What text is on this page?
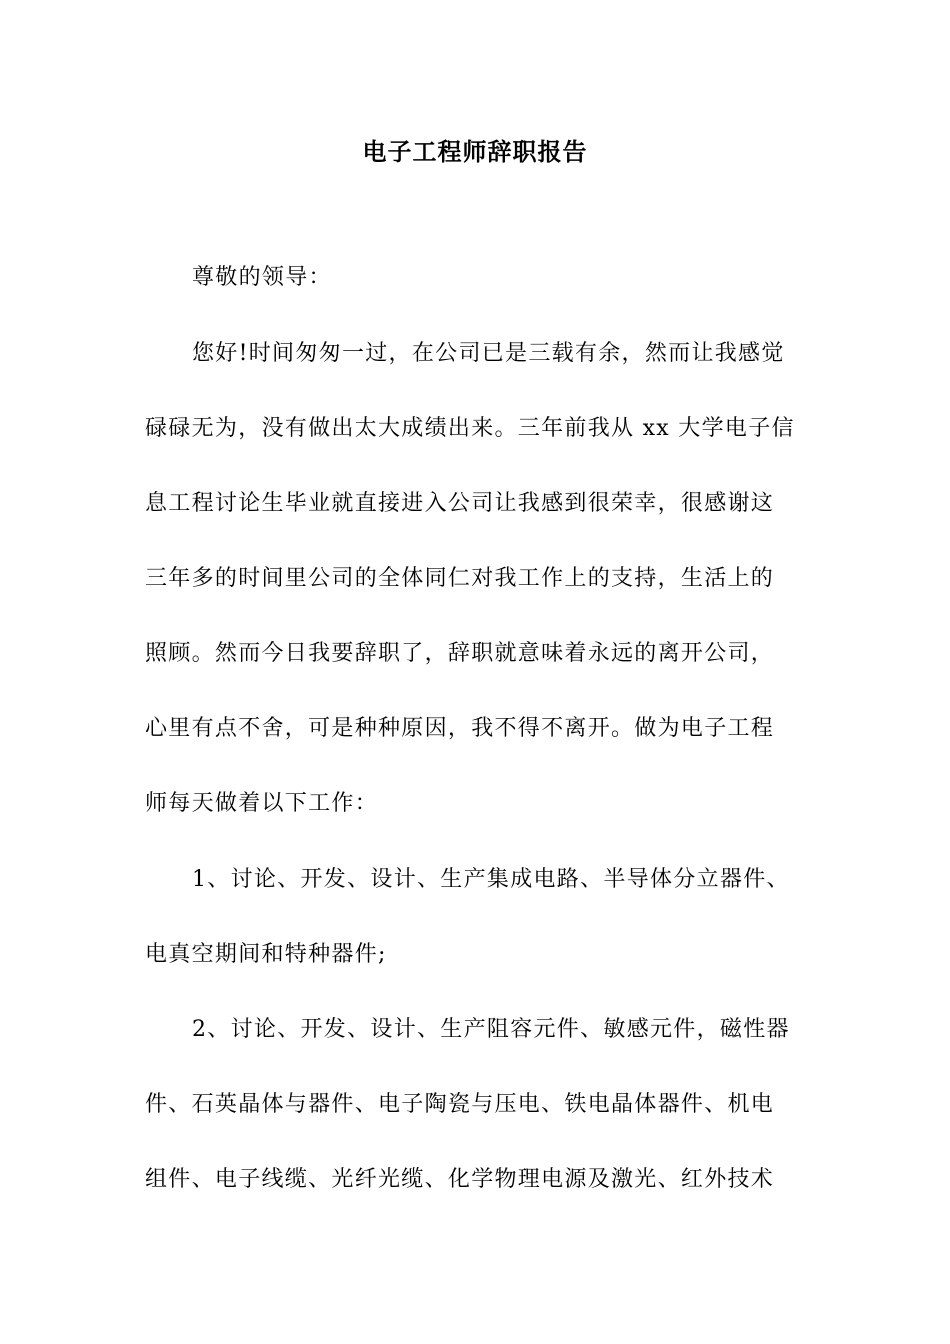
电子工程师辞职报告
尊敬的领导：
您好!时间匆匆一过，在公司已是三载有余，然而让我感觉
碌碌无为，没有做出太大成绩出来。三年前我从 xx 大学电子信
息工程讨论生毕业就直接进入公司让我感到很荣幸，很感谢这
三年多的时间里公司的全体同仁对我工作上的支持，生活上的
照顾。然而今日我要辞职了，辞职就意味着永远的离开公司，
心里有点不舍，可是种种原因，我不得不离开。做为电子工程
师每天做着以下工作：
1、讨论、开发、设计、生产集成电路、半导体分立器件、
电真空期间和特种器件;
2、讨论、开发、设计、生产阻容元件、敏感元件，磁性器
件、石英晶体与器件、电子陶瓷与压电、铁电晶体器件、机电
组件、电子线缆、光纤光缆、化学物理电源及激光、红外技术
